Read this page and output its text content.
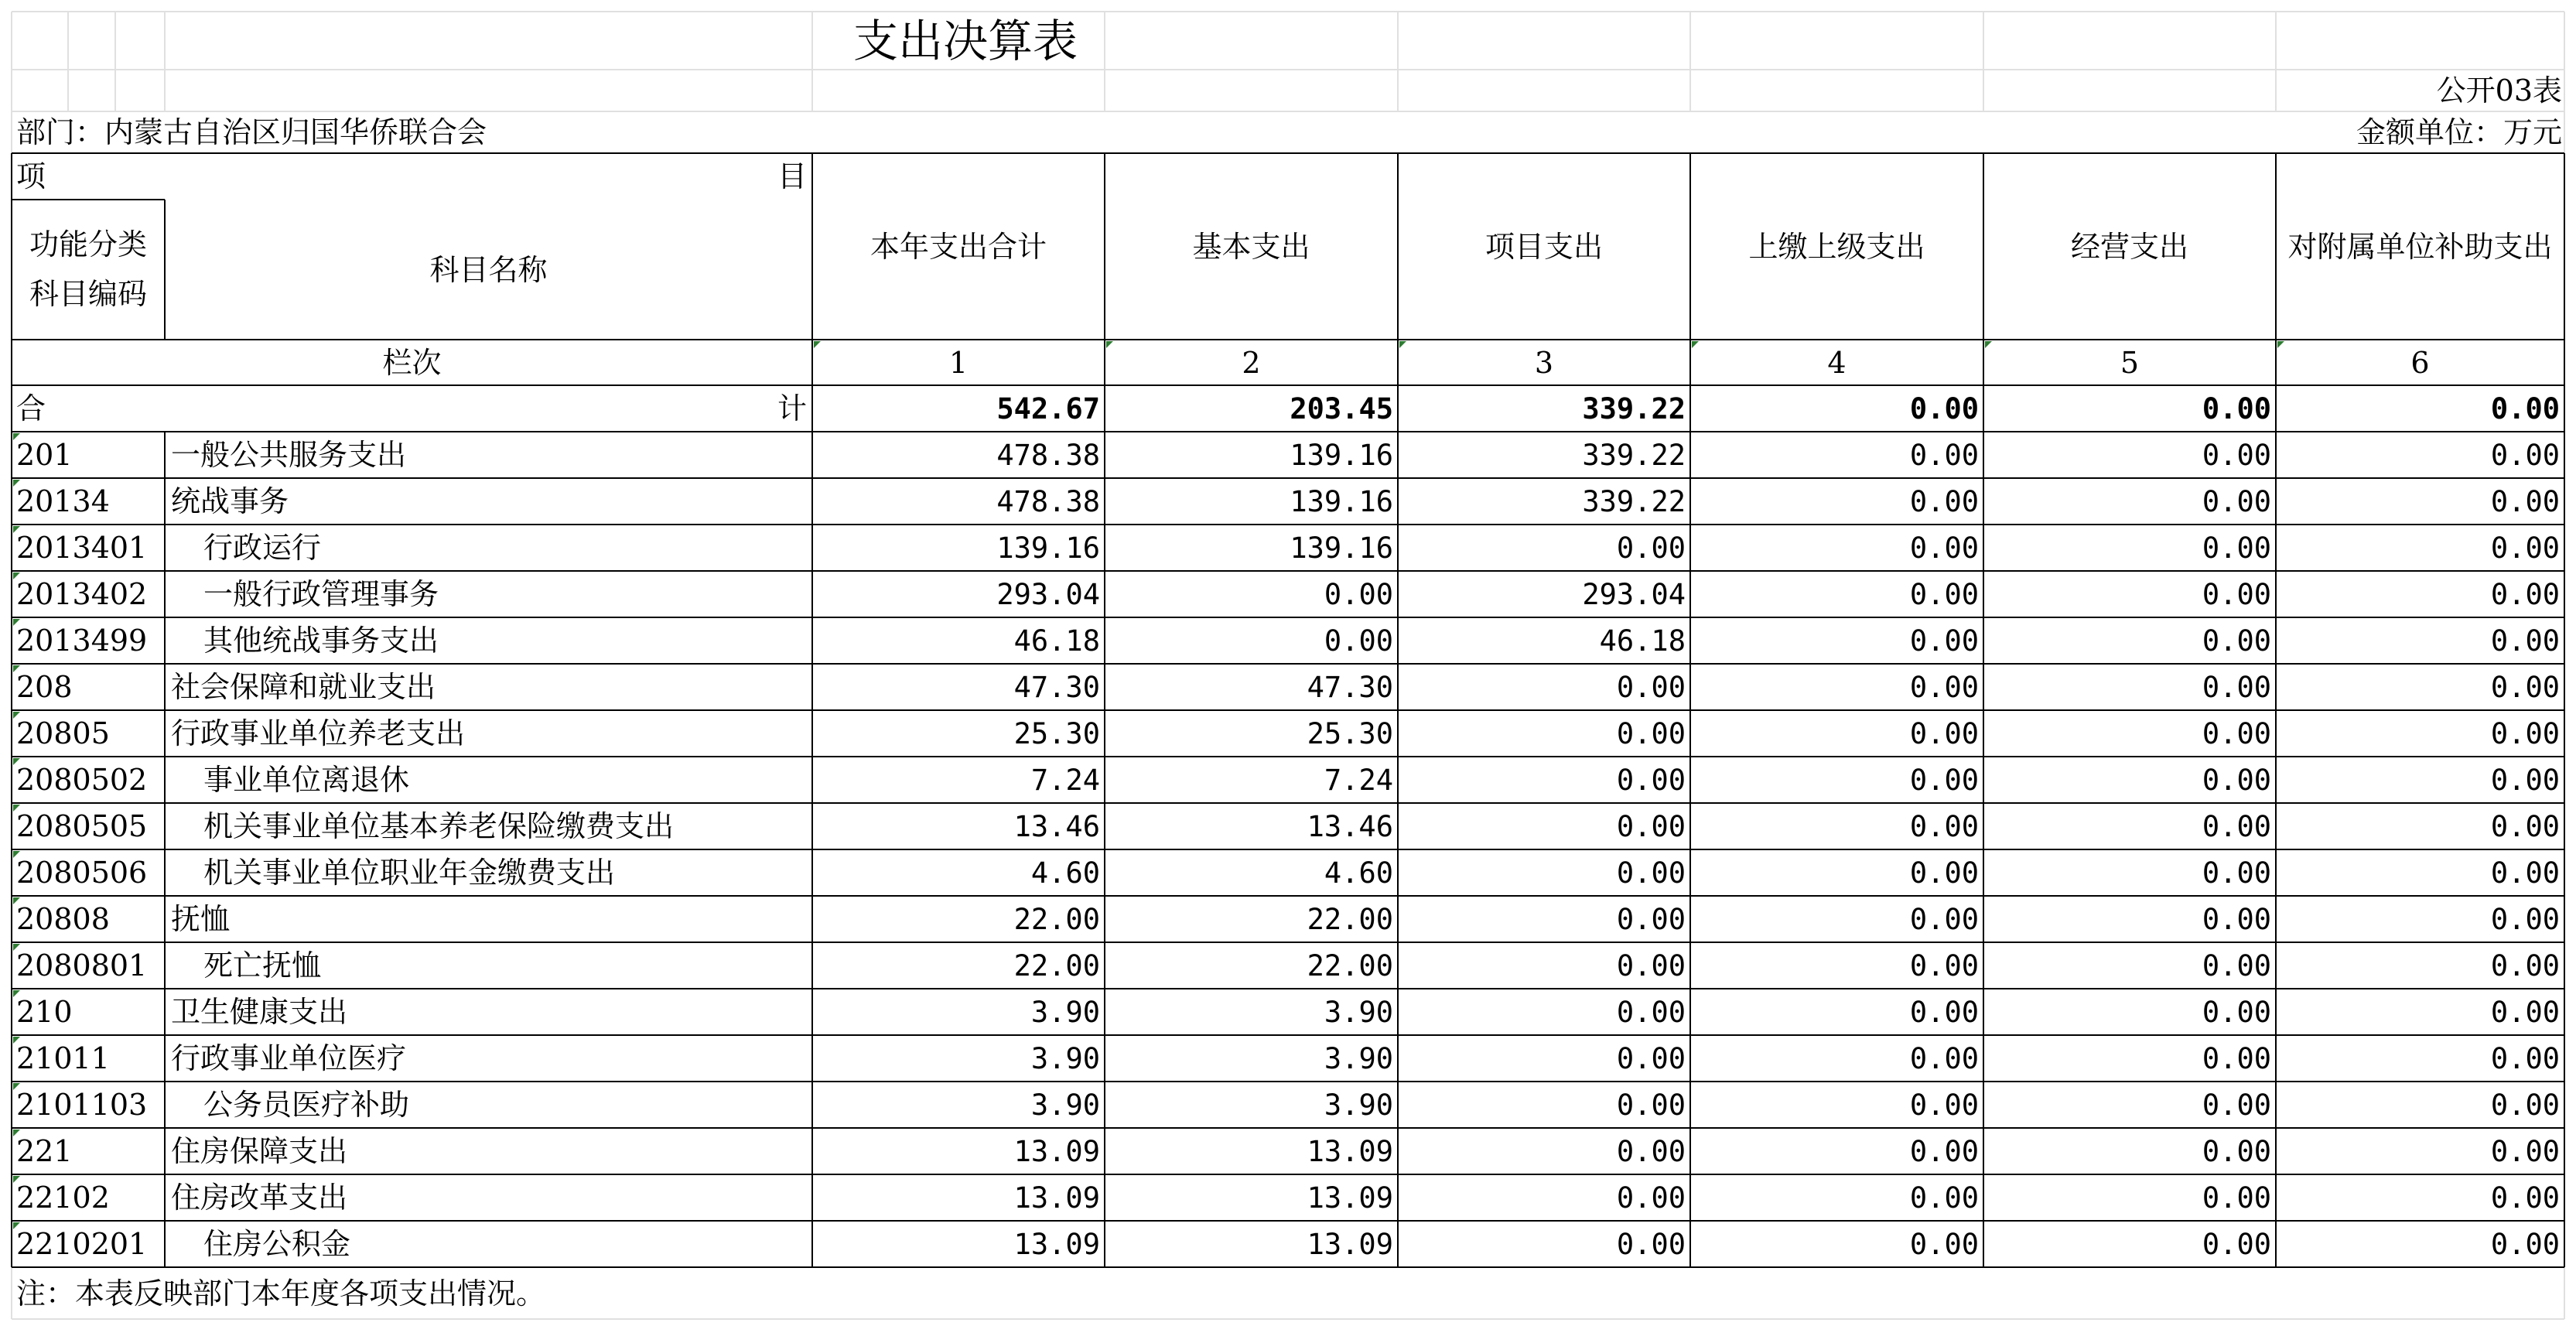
支出决算表
公开03表
部门：内蒙古自治区归国华侨联合会	金额单位：万元
项	目
功能分类
科目编码
科目名称
本年支出合计	基本支出	项目支出	上缴上级支出	经营支出	对附属单位补助支出
栏次	1	2	3	4	5	6
合	计	542.67	203.45	339.22	0.00	0.00	0.00
201	一般公共服务支出	478.38	139.16	339.22	0.00	0.00	0.00
20134	统战事务	478.38	139.16	339.22	0.00	0.00	0.00
2013401	行政运行	139.16	139.16	0.00	0.00	0.00	0.00
2013402	一般行政管理事务	293.04	0.00	293.04	0.00	0.00	0.00
2013499	其他统战事务支出	46.18	0.00	46.18	0.00	0.00	0.00
208	社会保障和就业支出	47.30	47.30	0.00	0.00	0.00	0.00
20805	行政事业单位养老支出	25.30	25.30	0.00	0.00	0.00	0.00
2080502	事业单位离退休	7.24	7.24	0.00	0.00	0.00	0.00
2080505	机关事业单位基本养老保险缴费支出	13.46	13.46	0.00	0.00	0.00	0.00
2080506	机关事业单位职业年金缴费支出	4.60	4.60	0.00	0.00	0.00	0.00
20808	抚恤	22.00	22.00	0.00	0.00	0.00	0.00
2080801	死亡抚恤	22.00	22.00	0.00	0.00	0.00	0.00
210	卫生健康支出	3.90	3.90	0.00	0.00	0.00	0.00
21011	行政事业单位医疗	3.90	3.90	0.00	0.00	0.00	0.00
2101103	公务员医疗补助	3.90	3.90	0.00	0.00	0.00	0.00
221	住房保障支出	13.09	13.09	0.00	0.00	0.00	0.00
22102	住房改革支出	13.09	13.09	0.00	0.00	0.00	0.00
2210201	住房公积金	13.09	13.09	0.00	0.00	0.00	0.00
注：本表反映部门本年度各项支出情况。
